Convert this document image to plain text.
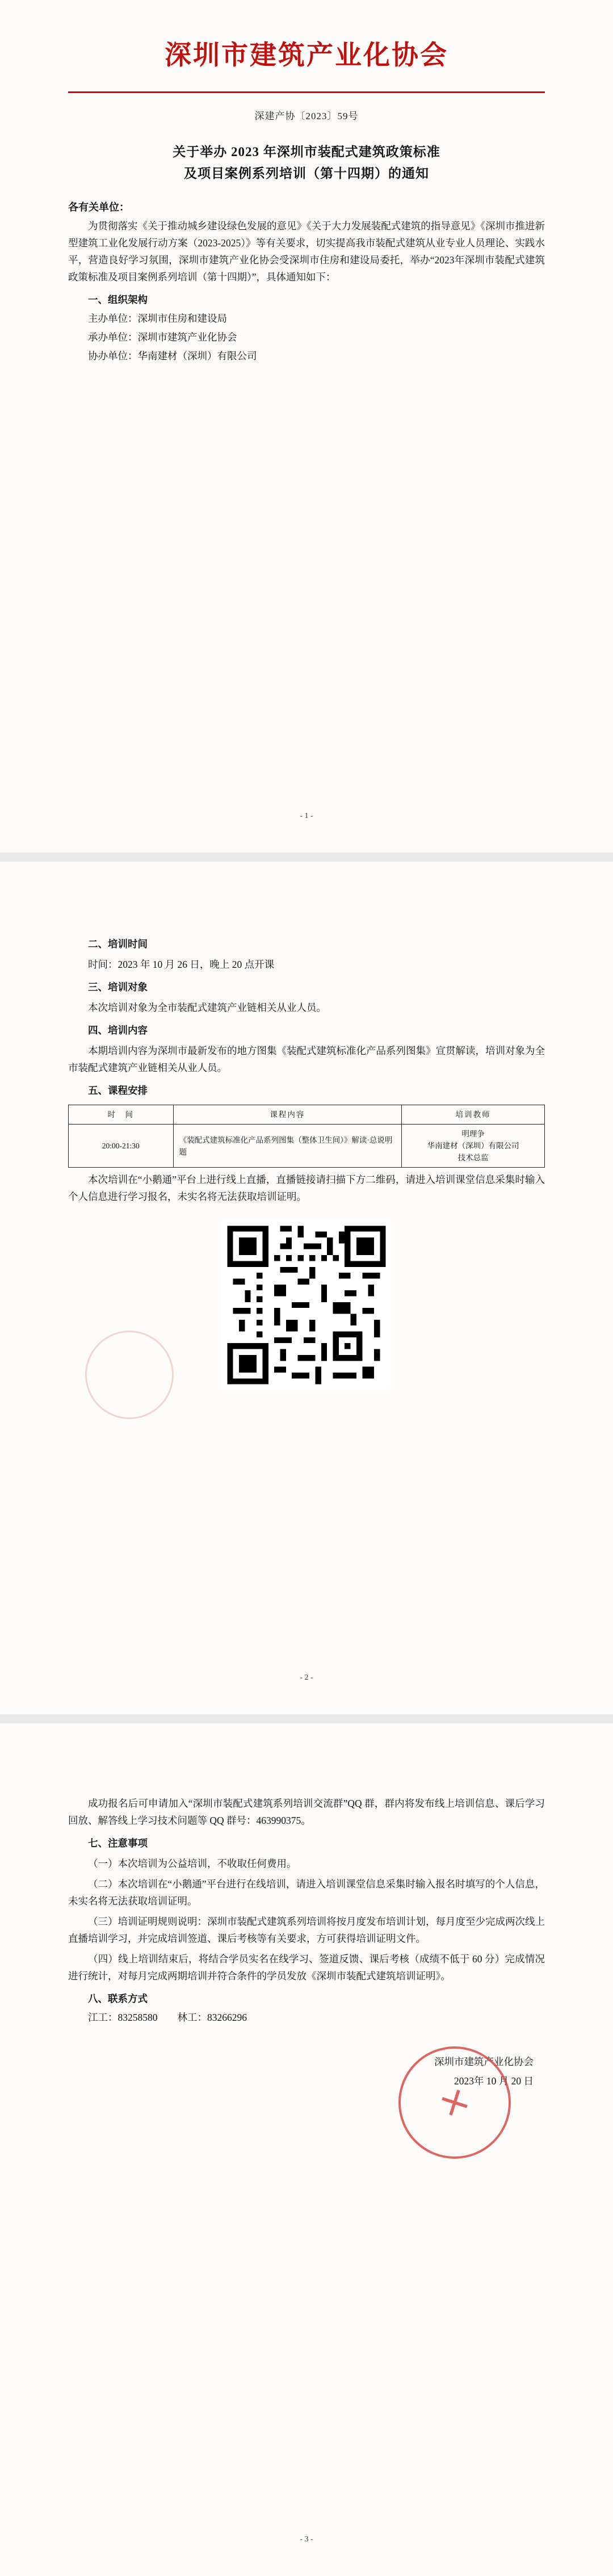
深圳市建筑产业化协会
深建产协〔2023〕59号
关于举办 2023 年深圳市装配式建筑政策标准
及项目案例系列培训（第十四期）的通知
各有关单位：

为贯彻落实《关于推动城乡建设绿色发展的意见》《关于大力发展装配式建筑的指导意见》《深圳市推进新型建筑工业化发展行动方案（2023-2025）》等有关要求，切实提高我市装配式建筑从业专业人员理论、实践水平，营造良好学习氛围，深圳市建筑产业化协会受深圳市住房和建设局委托，举办“2023年深圳市装配式建筑政策标准及项目案例系列培训（第十四期）”，具体通知如下：

一、组织架构
主办单位：深圳市住房和建设局
承办单位：深圳市建筑产业化协会
协办单位：华南建材（深圳）有限公司
- 1 -
二、培训时间

时间：2023 年 10 月 26 日，晚上 20 点开课

三、培训对象

本次培训对象为全市装配式建筑产业链相关从业人员。

四、培训内容

本期培训内容为深圳市最新发布的地方图集《装配式建筑标准化产品系列图集》宣贯解读，培训对象为全市装配式建筑产业链相关从业人员。

五、课程安排
时　间	课程内容	培训教师
20:00-21:30	《装配式建筑标准化产品系列图集（整体卫生间）》解读·总说明题	明理争
华南建材（深圳）有限公司
技术总监

本次培训在“小鹅通”平台上进行线上直播，直播链接请扫描下方二维码，请进入培训课堂信息采集时输入个人信息进行学习报名，未实名将无法获取培训证明。

- 2 -

成功报名后可申请加入“深圳市装配式建筑系列培训交流群”QQ 群，群内将发布线上培训信息、课后学习回放、解答线上学习技术问题等 QQ 群号：463990375。

七、注意事项

（一）本次培训为公益培训，不收取任何费用。

（二）本次培训在“小鹅通”平台进行在线培训，请进入培训课堂信息采集时输入报名时填写的个人信息，未实名将无法获取培训证明。

（三）培训证明规则说明：深圳市装配式建筑系列培训将按月度发布培训计划，每月度至少完成两次线上直播培训学习，并完成培训签道、课后考核等有关要求，方可获得培训证明文件。

（四）线上培训结束后，将结合学员实名在线学习、签道反馈、课后考核（成绩不低于 60 分）完成情况进行统计，对每月完成两期培训并符合条件的学员发放《深圳市装配式建筑培训证明》。

八、联系方式
江工：83258580　　林工：83266296
深圳市建筑产业化协会
2023年 10 月 20 日
- 3 -
